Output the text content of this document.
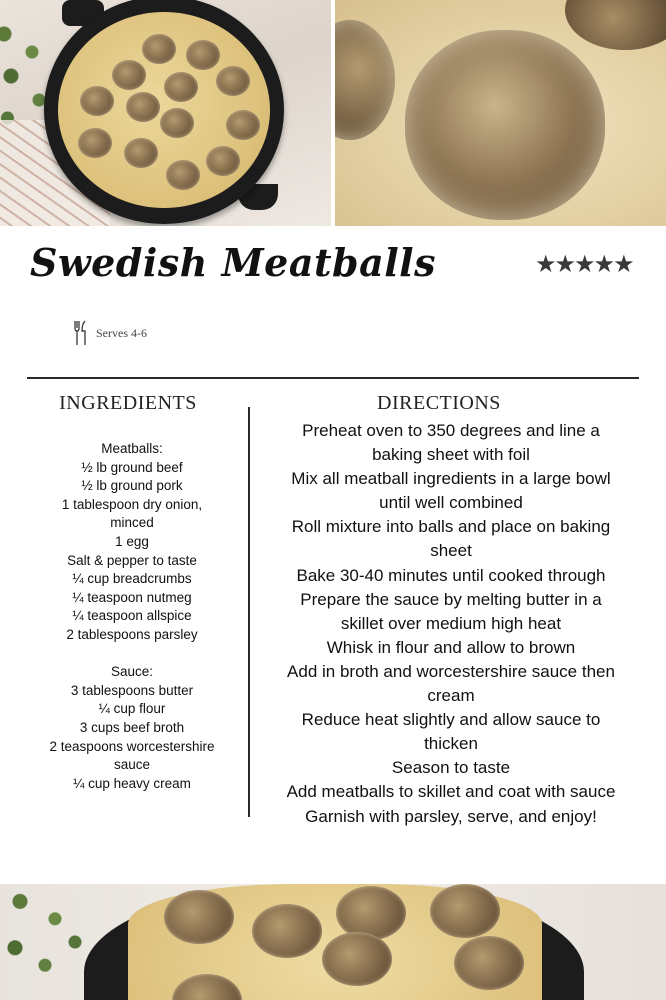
Swedish Meatballs	★★★★★
Serves 4-6
INGREDIENTS
Meatballs:
½ lb ground beef
½ lb ground pork
1 tablespoon dry onion,
minced
1 egg
Salt & pepper to taste
¼ cup breadcrumbs
¼ teaspoon nutmeg
¼ teaspoon allspice
2 tablespoons parsley
Sauce:
3 tablespoons butter
¼ cup flour
3 cups beef broth
2 teaspoons worcestershire
sauce
¼ cup heavy cream
DIRECTIONS
Preheat oven to 350 degrees and line a
baking sheet with foil
Mix all meatball ingredients in a large bowl
until well combined
Roll mixture into balls and place on baking
sheet
Bake 30-40 minutes until cooked through
Prepare the sauce by melting butter in a
skillet over medium high heat
Whisk in flour and allow to brown
Add in broth and worcestershire sauce then
cream
Reduce heat slightly and allow sauce to
thicken
Season to taste
Add meatballs to skillet and coat with sauce
Garnish with parsley, serve, and enjoy!
